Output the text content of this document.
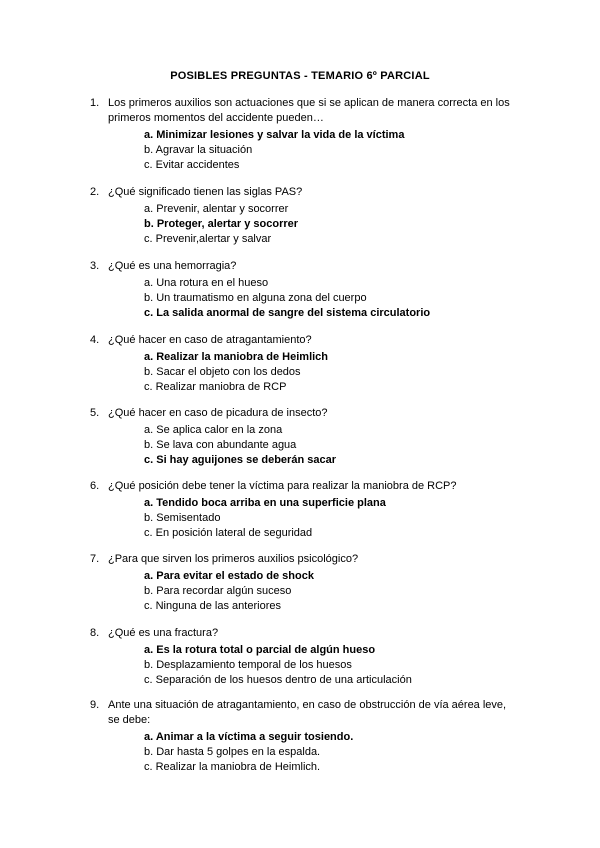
POSIBLES PREGUNTAS - TEMARIO 6º PARCIAL
1. Los primeros auxilios son actuaciones que si se aplican de manera correcta en los primeros momentos del accidente pueden…
a. Minimizar lesiones y salvar la vida de la víctima
b. Agravar la situación
c. Evitar accidentes
2. ¿Qué significado tienen las siglas PAS?
a. Prevenir, alentar y socorrer
b. Proteger, alertar y socorrer
c. Prevenir,alertar y salvar
3. ¿Qué es una hemorragia?
a. Una rotura en el hueso
b. Un traumatismo en alguna zona del cuerpo
c. La salida anormal de sangre del sistema circulatorio
4. ¿Qué hacer en caso de atragantamiento?
a. Realizar la maniobra de Heimlich
b. Sacar el objeto con los dedos
c. Realizar maniobra de RCP
5. ¿Qué hacer en caso de picadura de insecto?
a. Se aplica calor en la zona
b. Se lava con abundante agua
c. Si hay aguijones se deberán sacar
6. ¿Qué posición debe tener la víctima para realizar la maniobra de RCP?
a. Tendido boca arriba en una superficie plana
b. Semisentado
c. En posición lateral de seguridad
7. ¿Para que sirven los primeros auxilios psicológico?
a. Para evitar el estado de shock
b. Para recordar algún suceso
c. Ninguna de las anteriores
8. ¿Qué es una fractura?
a. Es la rotura total o parcial de algún hueso
b. Desplazamiento temporal de los huesos
c. Separación de los huesos dentro de una articulación
9. Ante una situación de atragantamiento, en caso de obstrucción de vía aérea leve, se debe:
a. Animar a la víctima a seguir tosiendo.
b. Dar hasta 5 golpes en la espalda.
c. Realizar la maniobra de Heimlich.
